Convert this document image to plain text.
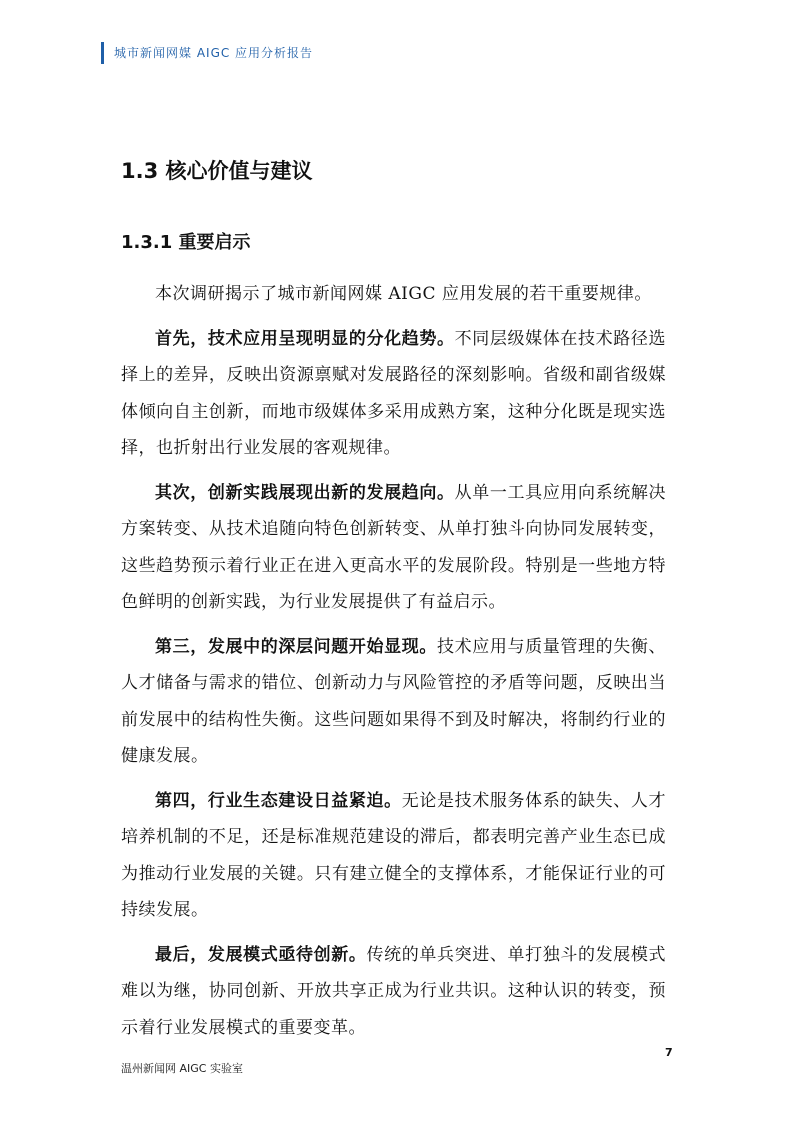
城市新闻网媒 AIGC 应用分析报告
1.3 核心价值与建议
1.3.1 重要启示

本次调研揭示了城市新闻网媒 AIGC 应用发展的若干重要规律。

首先，技术应用呈现明显的分化趋势。不同层级媒体在技术路径选择上的差异，反映出资源禀赋对发展路径的深刻影响。省级和副省级媒体倾向自主创新，而地市级媒体多采用成熟方案，这种分化既是现实选择，也折射出行业发展的客观规律。

其次，创新实践展现出新的发展趋向。从单一工具应用向系统解决方案转变、从技术追随向特色创新转变、从单打独斗向协同发展转变，这些趋势预示着行业正在进入更高水平的发展阶段。特别是一些地方特色鲜明的创新实践，为行业发展提供了有益启示。

第三，发展中的深层问题开始显现。技术应用与质量管理的失衡、人才储备与需求的错位、创新动力与风险管控的矛盾等问题，反映出当前发展中的结构性失衡。这些问题如果得不到及时解决，将制约行业的健康发展。

第四，行业生态建设日益紧迫。无论是技术服务体系的缺失、人才培养机制的不足，还是标准规范建设的滞后，都表明完善产业生态已成为推动行业发展的关键。只有建立健全的支撑体系，才能保证行业的可持续发展。

最后，发展模式亟待创新。传统的单兵突进、单打独斗的发展模式难以为继，协同创新、开放共享正成为行业共识。这种认识的转变，预示着行业发展模式的重要变革。

7
温州新闻网 AIGC 实验室
